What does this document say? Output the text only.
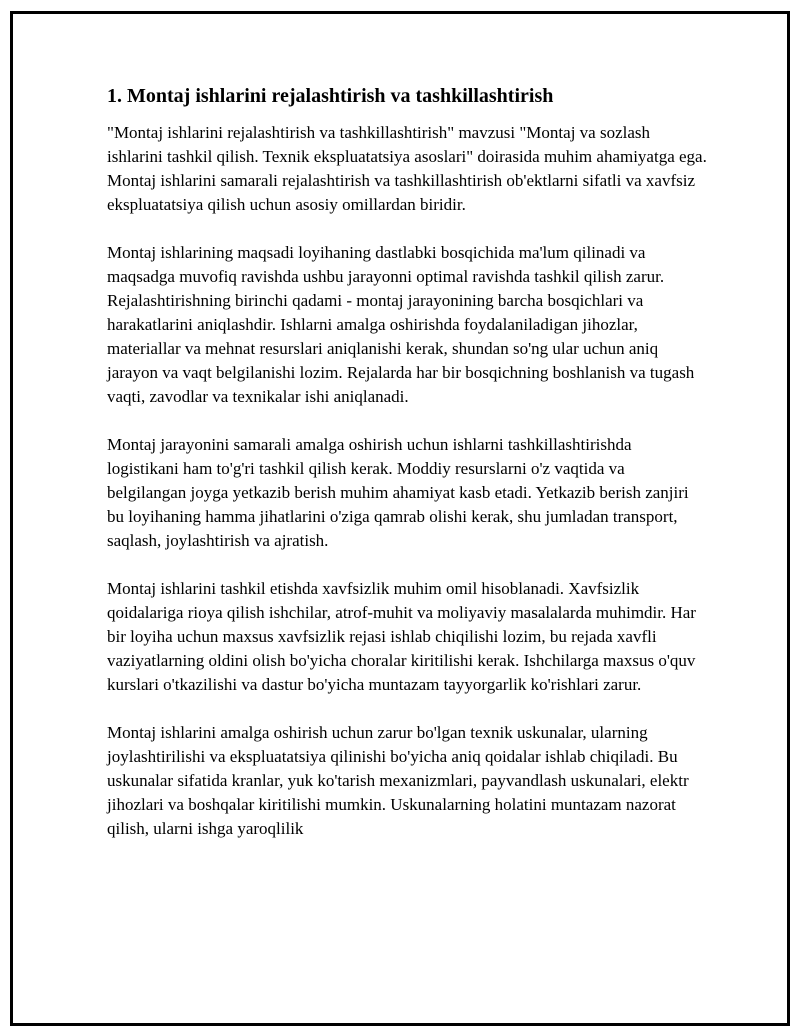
1. Montaj ishlarini rejalashtirish va tashkillashtirish

"Montaj ishlarini rejalashtirish va tashkillashtirish" mavzusi "Montaj va sozlash ishlarini tashkil qilish. Texnik ekspluatatsiya asoslari" doirasida muhim ahamiyatga ega. Montaj ishlarini samarali rejalashtirish va tashkillashtirish ob'ektlarni sifatli va xavfsiz ekspluatatsiya qilish uchun asosiy omillardan biridir.

Montaj ishlarining maqsadi loyihaning dastlabki bosqichida ma'lum qilinadi va maqsadga muvofiq ravishda ushbu jarayonni optimal ravishda tashkil qilish zarur. Rejalashtirishning birinchi qadami - montaj jarayonining barcha bosqichlari va harakatlarini aniqlashdir. Ishlarni amalga oshirishda foydalaniladigan jihozlar, materiallar va mehnat resurslari aniqlanishi kerak, shundan so'ng ular uchun aniq jarayon va vaqt belgilanishi lozim. Rejalarda har bir bosqichning boshlanish va tugash vaqti, zavodlar va texnikalar ishi aniqlanadi.

Montaj jarayonini samarali amalga oshirish uchun ishlarni tashkillashtirishda logistikani ham to'g'ri tashkil qilish kerak. Moddiy resurslarni o'z vaqtida va belgilangan joyga yetkazib berish muhim ahamiyat kasb etadi. Yetkazib berish zanjiri bu loyihaning hamma jihatlarini o'ziga qamrab olishi kerak, shu jumladan transport, saqlash, joylashtirish va ajratish.

Montaj ishlarini tashkil etishda xavfsizlik muhim omil hisoblanadi. Xavfsizlik qoidalariga rioya qilish ishchilar, atrof-muhit va moliyaviy masalalarda muhimdir. Har bir loyiha uchun maxsus xavfsizlik rejasi ishlab chiqilishi lozim, bu rejada xavfli vaziyatlarning oldini olish bo'yicha choralar kiritilishi kerak. Ishchilarga maxsus o'quv kurslari o'tkazilishi va dastur bo'yicha muntazam tayyorgarlik ko'rishlari zarur.

Montaj ishlarini amalga oshirish uchun zarur bo'lgan texnik uskunalar, ularning joylashtirilishi va ekspluatatsiya qilinishi bo'yicha aniq qoidalar ishlab chiqiladi. Bu uskunalar sifatida kranlar, yuk ko'tarish mexanizmlari, payvandlash uskunalari, elektr jihozlari va boshqalar kiritilishi mumkin. Uskunalarning holatini muntazam nazorat qilish, ularni ishga yaroqlilik
